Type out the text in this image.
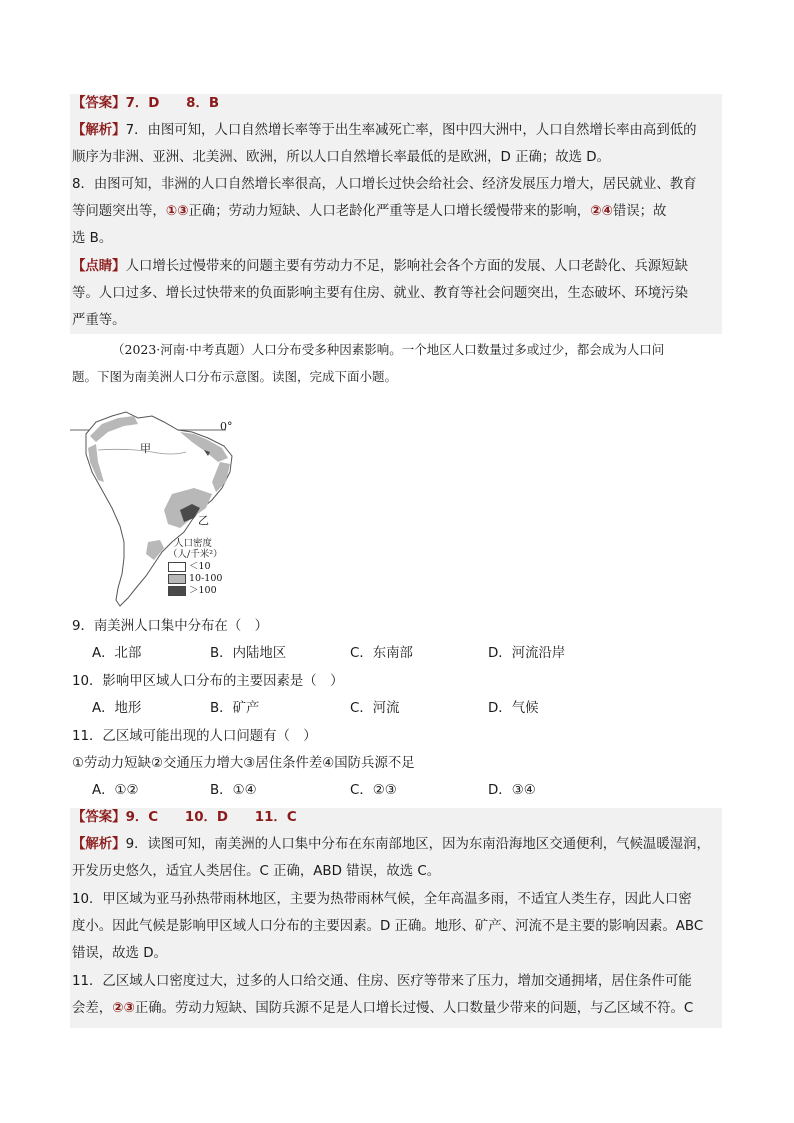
【答案】7．D　　8．B
【解析】7．由图可知，人口自然增长率等于出生率减死亡率，图中四大洲中，人口自然增长率由高到低的
顺序为非洲、亚洲、北美洲、欧洲，所以人口自然增长率最低的是欧洲，D 正确；故选 D。
8．由图可知，非洲的人口自然增长率很高，人口增长过快会给社会、经济发展压力增大，居民就业、教育
等问题突出等，①③正确；劳动力短缺、人口老龄化严重等是人口增长缓慢带来的影响，②④错误；故
选 B。
【点睛】人口增长过慢带来的问题主要有劳动力不足，影响社会各个方面的发展、人口老龄化、兵源短缺
等。人口过多、增长过快带来的负面影响主要有住房、就业、教育等社会问题突出，生态破坏、环境污染
严重等。
（2023·河南·中考真题）人口分布受多种因素影响。一个地区人口数量过多或过少，都会成为人口问
题。下图为南美洲人口分布示意图。读图，完成下面小题。
0°
甲
乙
人口密度
（人/千米²）
＜10
10-100
＞100
9．南美洲人口集中分布在（　）
A．北部	B．内陆地区	C．东南部	D．河流沿岸
10．影响甲区域人口分布的主要因素是（　）
A．地形	B．矿产	C．河流	D．气候
11．乙区域可能出现的人口问题有（　）
①劳动力短缺②交通压力增大③居住条件差④国防兵源不足
A．①②	B．①④	C．②③	D．③④
【答案】9．C　　10．D　　11．C
【解析】9．读图可知，南美洲的人口集中分布在东南部地区，因为东南沿海地区交通便利，气候温暖湿润，
开发历史悠久，适宜人类居住。C 正确，ABD 错误，故选 C。
10．甲区域为亚马孙热带雨林地区，主要为热带雨林气候，全年高温多雨，不适宜人类生存，因此人口密
度小。因此气候是影响甲区域人口分布的主要因素。D 正确。地形、矿产、河流不是主要的影响因素。ABC
错误，故选 D。
11．乙区域人口密度过大，过多的人口给交通、住房、医疗等带来了压力，增加交通拥堵，居住条件可能
会差，②③正确。劳动力短缺、国防兵源不足是人口增长过慢、人口数量少带来的问题，与乙区域不符。C
